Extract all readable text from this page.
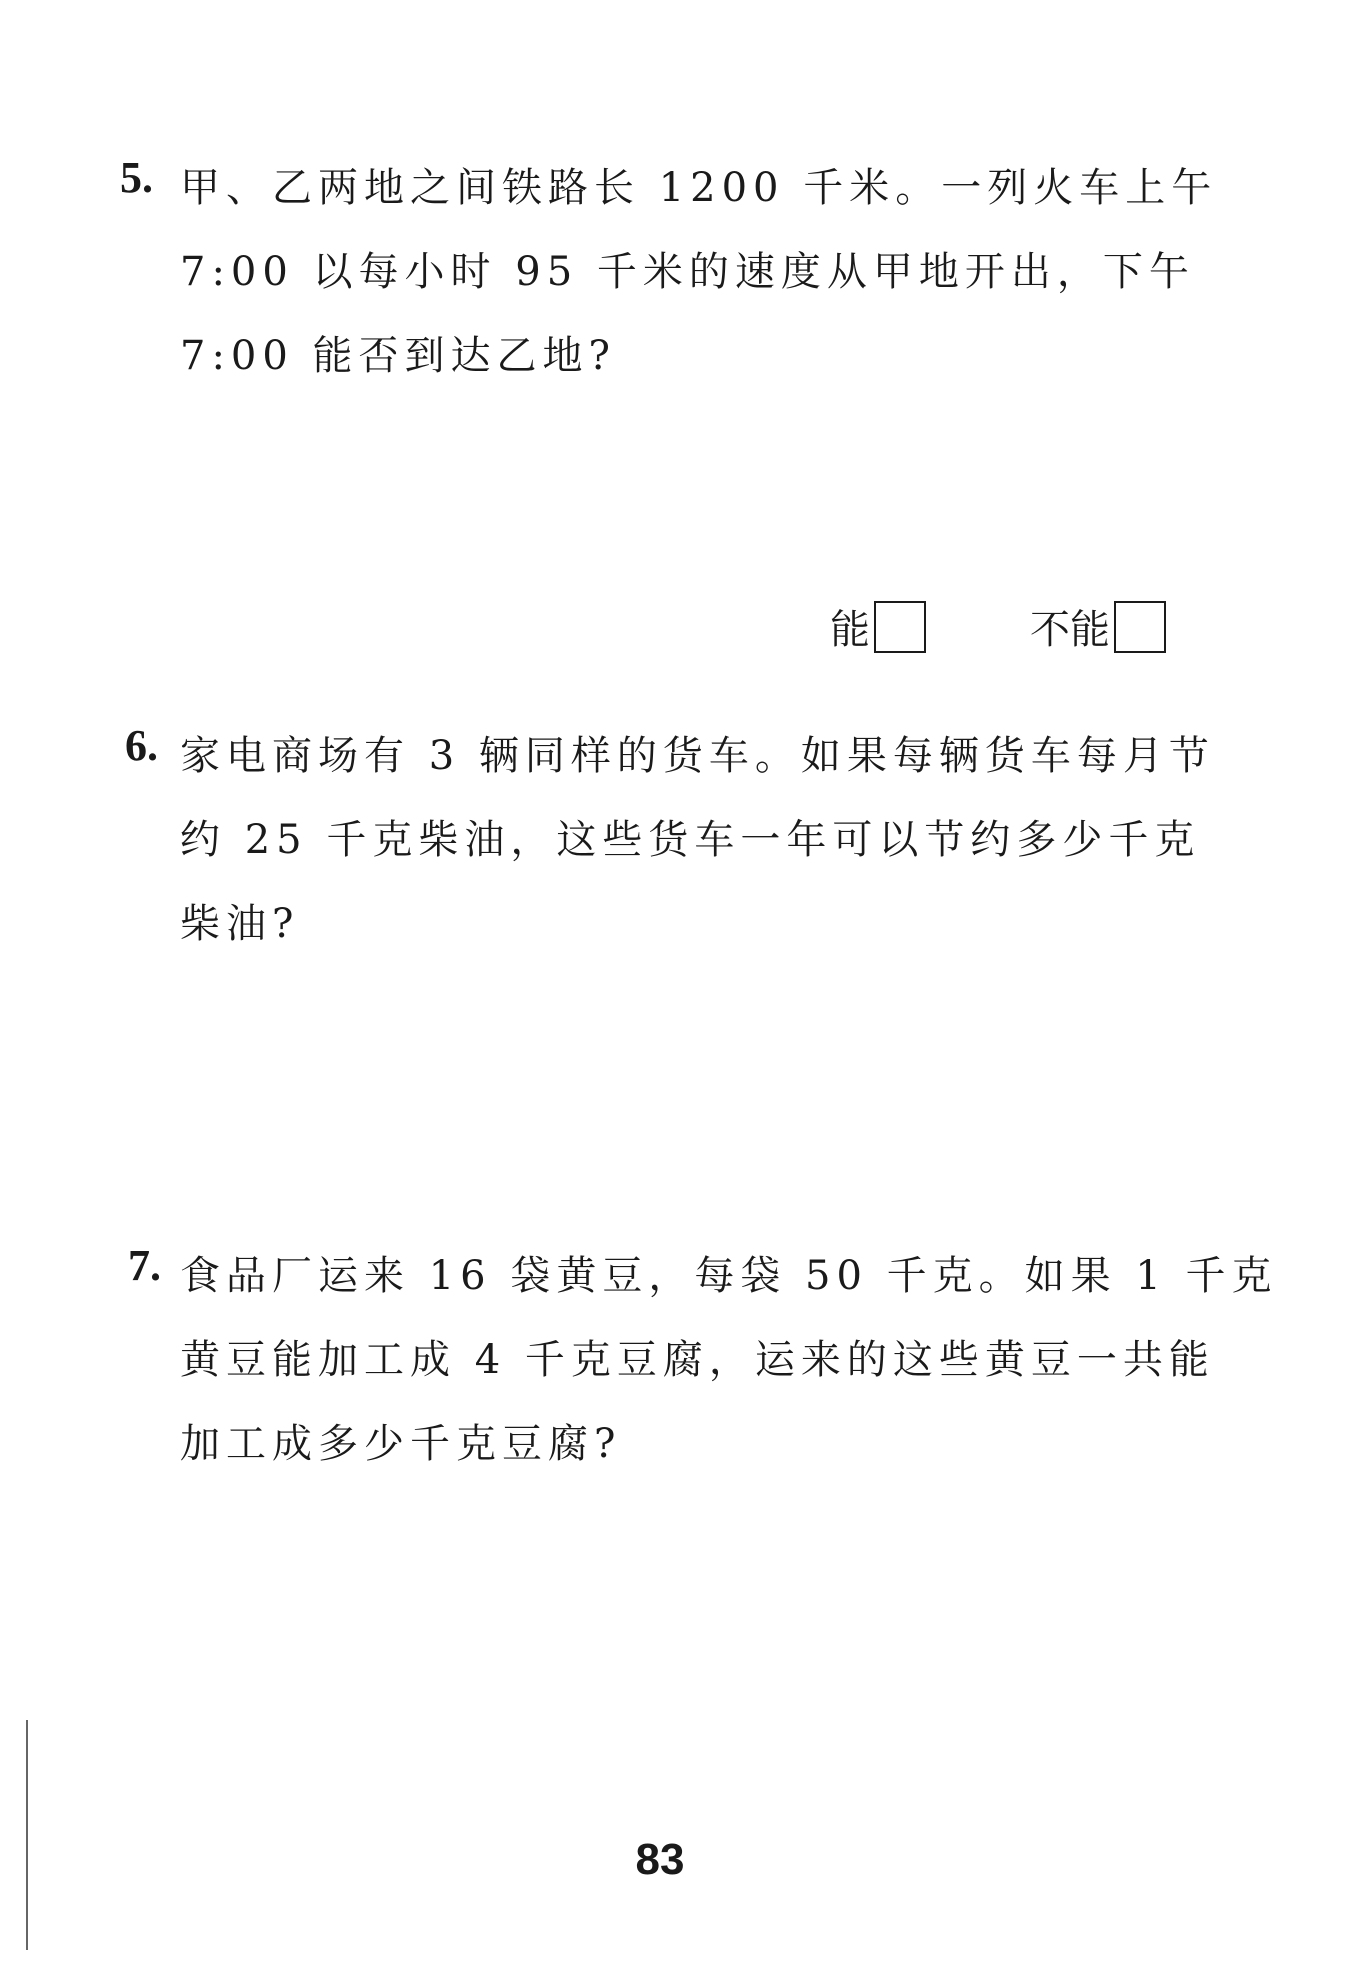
5. 甲、乙两地之间铁路长 1200 千米。一列火车上午
7:00 以每小时 95 千米的速度从甲地开出，下午
7:00 能否到达乙地?
能	不能
6. 家电商场有 3 辆同样的货车。如果每辆货车每月节
约 25 千克柴油，这些货车一年可以节约多少千克
柴油?
7. 食品厂运来 16 袋黄豆，每袋 50 千克。如果 1 千克
黄豆能加工成 4 千克豆腐，运来的这些黄豆一共能
加工成多少千克豆腐?
83
